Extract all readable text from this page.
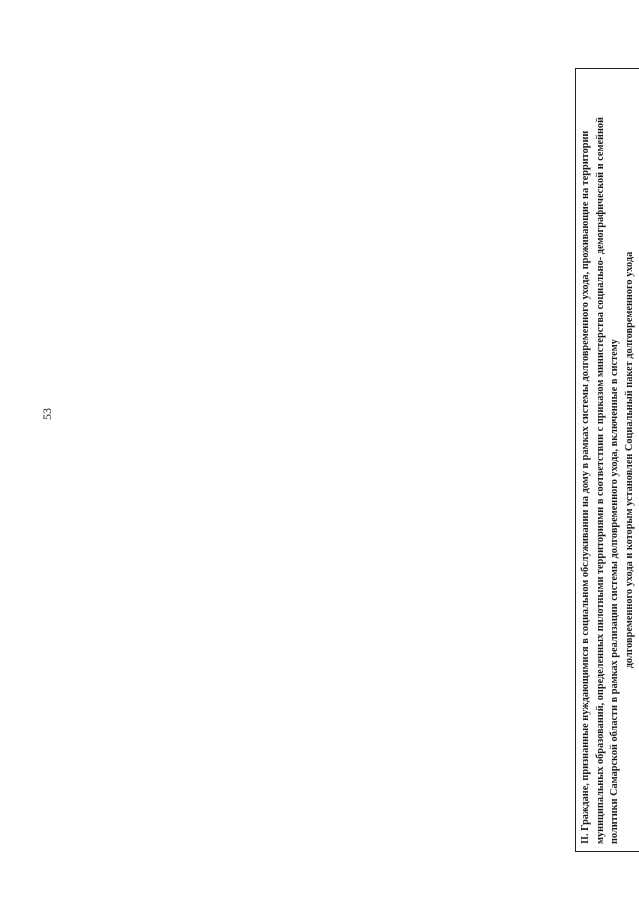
53	II. Граждане, признанные нуждающимися в социальном обслуживании на дому в рамках системы долговременного ухода, проживающие на территории муниципальных образований, определенных пилотными территориями в соответствии с приказом министерства социально- демографической и семейной политики Самарской области в рамках реализации системы долговременного ухода, включенные в систему долговременного ухода и которым установлен Социальный пакет долговременного ухода
